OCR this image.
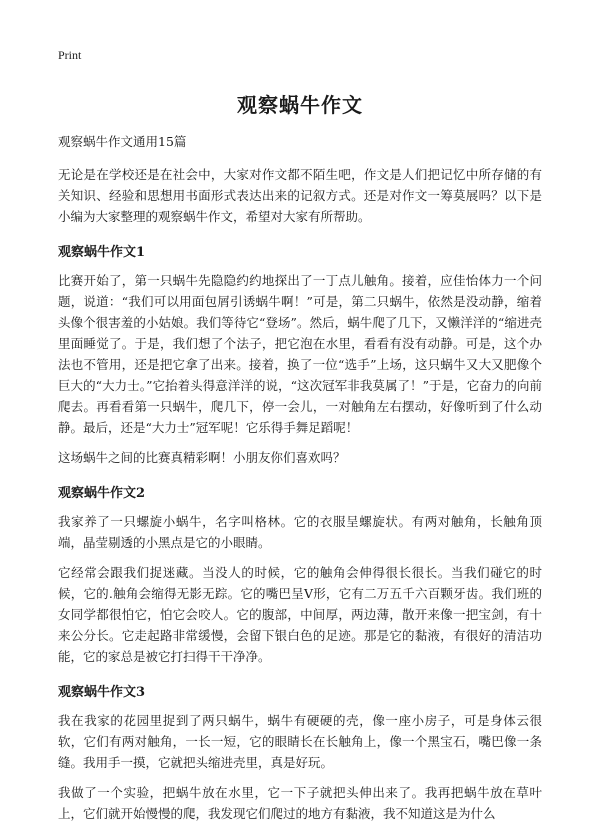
Print
观察蜗牛作文
观察蜗牛作文通用15篇

无论是在学校还是在社会中，大家对作文都不陌生吧，作文是人们把记忆中所存储的有关知识、经验和思想用书面形式表达出来的记叙方式。还是对作文一筹莫展吗？以下是小编为大家整理的观察蜗牛作文，希望对大家有所帮助。

观察蜗牛作文1

比赛开始了，第一只蜗牛先隐隐约约地探出了一丁点儿触角。接着，应佳怡体力一个问题，说道：“我们可以用面包屑引诱蜗牛啊！”可是，第二只蜗牛，依然是没动静，缩着头像个很害羞的小姑娘。我们等待它“登场”。然后，蜗牛爬了几下，又懒洋洋的“缩进壳里面睡觉了。于是，我们想了个法子，把它泡在水里，看看有没有动静。可是，这个办法也不管用，还是把它拿了出来。接着，换了一位“选手”上场，这只蜗牛又大又肥像个巨大的“大力士。”它抬着头得意洋洋的说，“这次冠军非我莫属了！”于是，它奋力的向前爬去。再看看第一只蜗牛，爬几下，停一会儿，一对触角左右摆动，好像听到了什么动静。最后，还是“大力士”冠军呢！它乐得手舞足蹈呢！

这场蜗牛之间的比赛真精彩啊！小朋友你们喜欢吗？

观察蜗牛作文2

我家养了一只螺旋小蜗牛，名字叫格林。它的衣服呈螺旋状。有两对触角，长触角顶端，晶莹剔透的小黑点是它的小眼睛。

它经常会跟我们捉迷藏。当没人的时候，它的触角会伸得很长很长。当我们碰它的时候，它的.触角会缩得无影无踪。它的嘴巴呈V形，它有二万五千六百颗牙齿。我们班的女同学都很怕它，怕它会咬人。它的腹部，中间厚，两边薄，散开来像一把宝剑，有十来公分长。它走起路非常缓慢，会留下银白色的足迹。那是它的黏液，有很好的清洁功能，它的家总是被它打扫得干干净净。

观察蜗牛作文3

我在我家的花园里捉到了两只蜗牛，蜗牛有硬硬的壳，像一座小房子，可是身体云很软，它们有两对触角，一长一短，它的眼睛长在长触角上，像一个黑宝石，嘴巴像一条缝。我用手一摸，它就把头缩进壳里，真是好玩。

我做了一个实验，把蜗牛放在水里，它一下子就把头伸出来了。我再把蜗牛放在草叶上，它们就开始慢慢的爬，我发现它们爬过的地方有黏液，我不知道这是为什么
